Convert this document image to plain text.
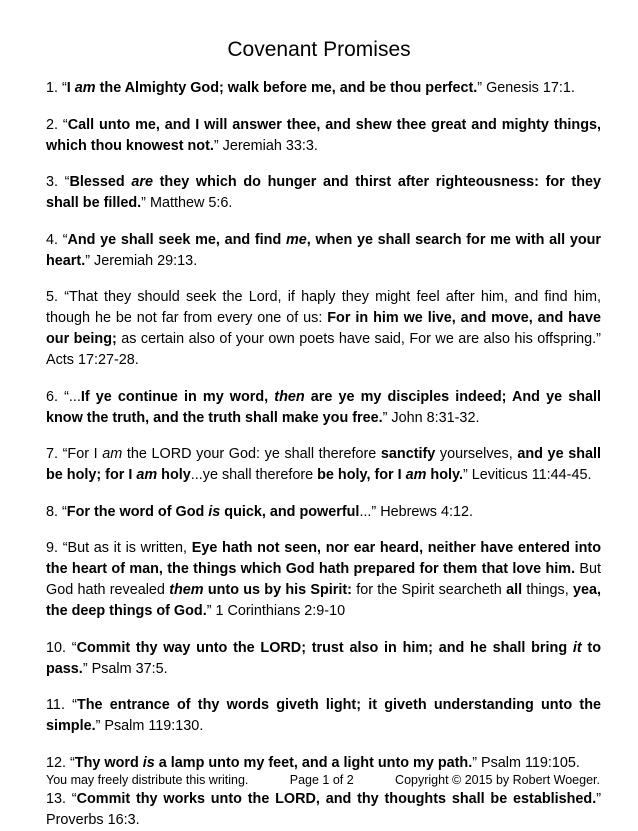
Covenant Promises

1. “I am the Almighty God; walk before me, and be thou perfect.” Genesis 17:1.

2. “Call unto me, and I will answer thee, and shew thee great and mighty things, which thou knowest not.” Jeremiah 33:3.

3. “Blessed are they which do hunger and thirst after righteousness: for they shall be filled.” Matthew 5:6.

4. “And ye shall seek me, and find me, when ye shall search for me with all your heart.” Jeremiah 29:13.

5. “That they should seek the Lord, if haply they might feel after him, and find him, though he be not far from every one of us: For in him we live, and move, and have our being; as certain also of your own poets have said, For we are also his offspring.” Acts 17:27-28.

6. “...If ye continue in my word, then are ye my disciples indeed; And ye shall know the truth, and the truth shall make you free.” John 8:31-32.

7. “For I am the LORD your God: ye shall therefore sanctify yourselves, and ye shall be holy; for I am holy...ye shall therefore be holy, for I am holy.” Leviticus 11:44-45.

8. “For the word of God is quick, and powerful...” Hebrews 4:12.

9. “But as it is written, Eye hath not seen, nor ear heard, neither have entered into the heart of man, the things which God hath prepared for them that love him. But God hath revealed them unto us by his Spirit: for the Spirit searcheth all things, yea, the deep things of God.” 1 Corinthians 2:9-10

10. “Commit thy way unto the LORD; trust also in him; and he shall bring it to pass.” Psalm 37:5.

11. “The entrance of thy words giveth light; it giveth understanding unto the simple.” Psalm 119:130.

12. “Thy word is a lamp unto my feet, and a light unto my path.” Psalm 119:105.

13. “Commit thy works unto the LORD, and thy thoughts shall be established.” Proverbs 16:3.

You may freely distribute this writing.	Page 1 of 2	Copyright © 2015 by Robert Woeger.
